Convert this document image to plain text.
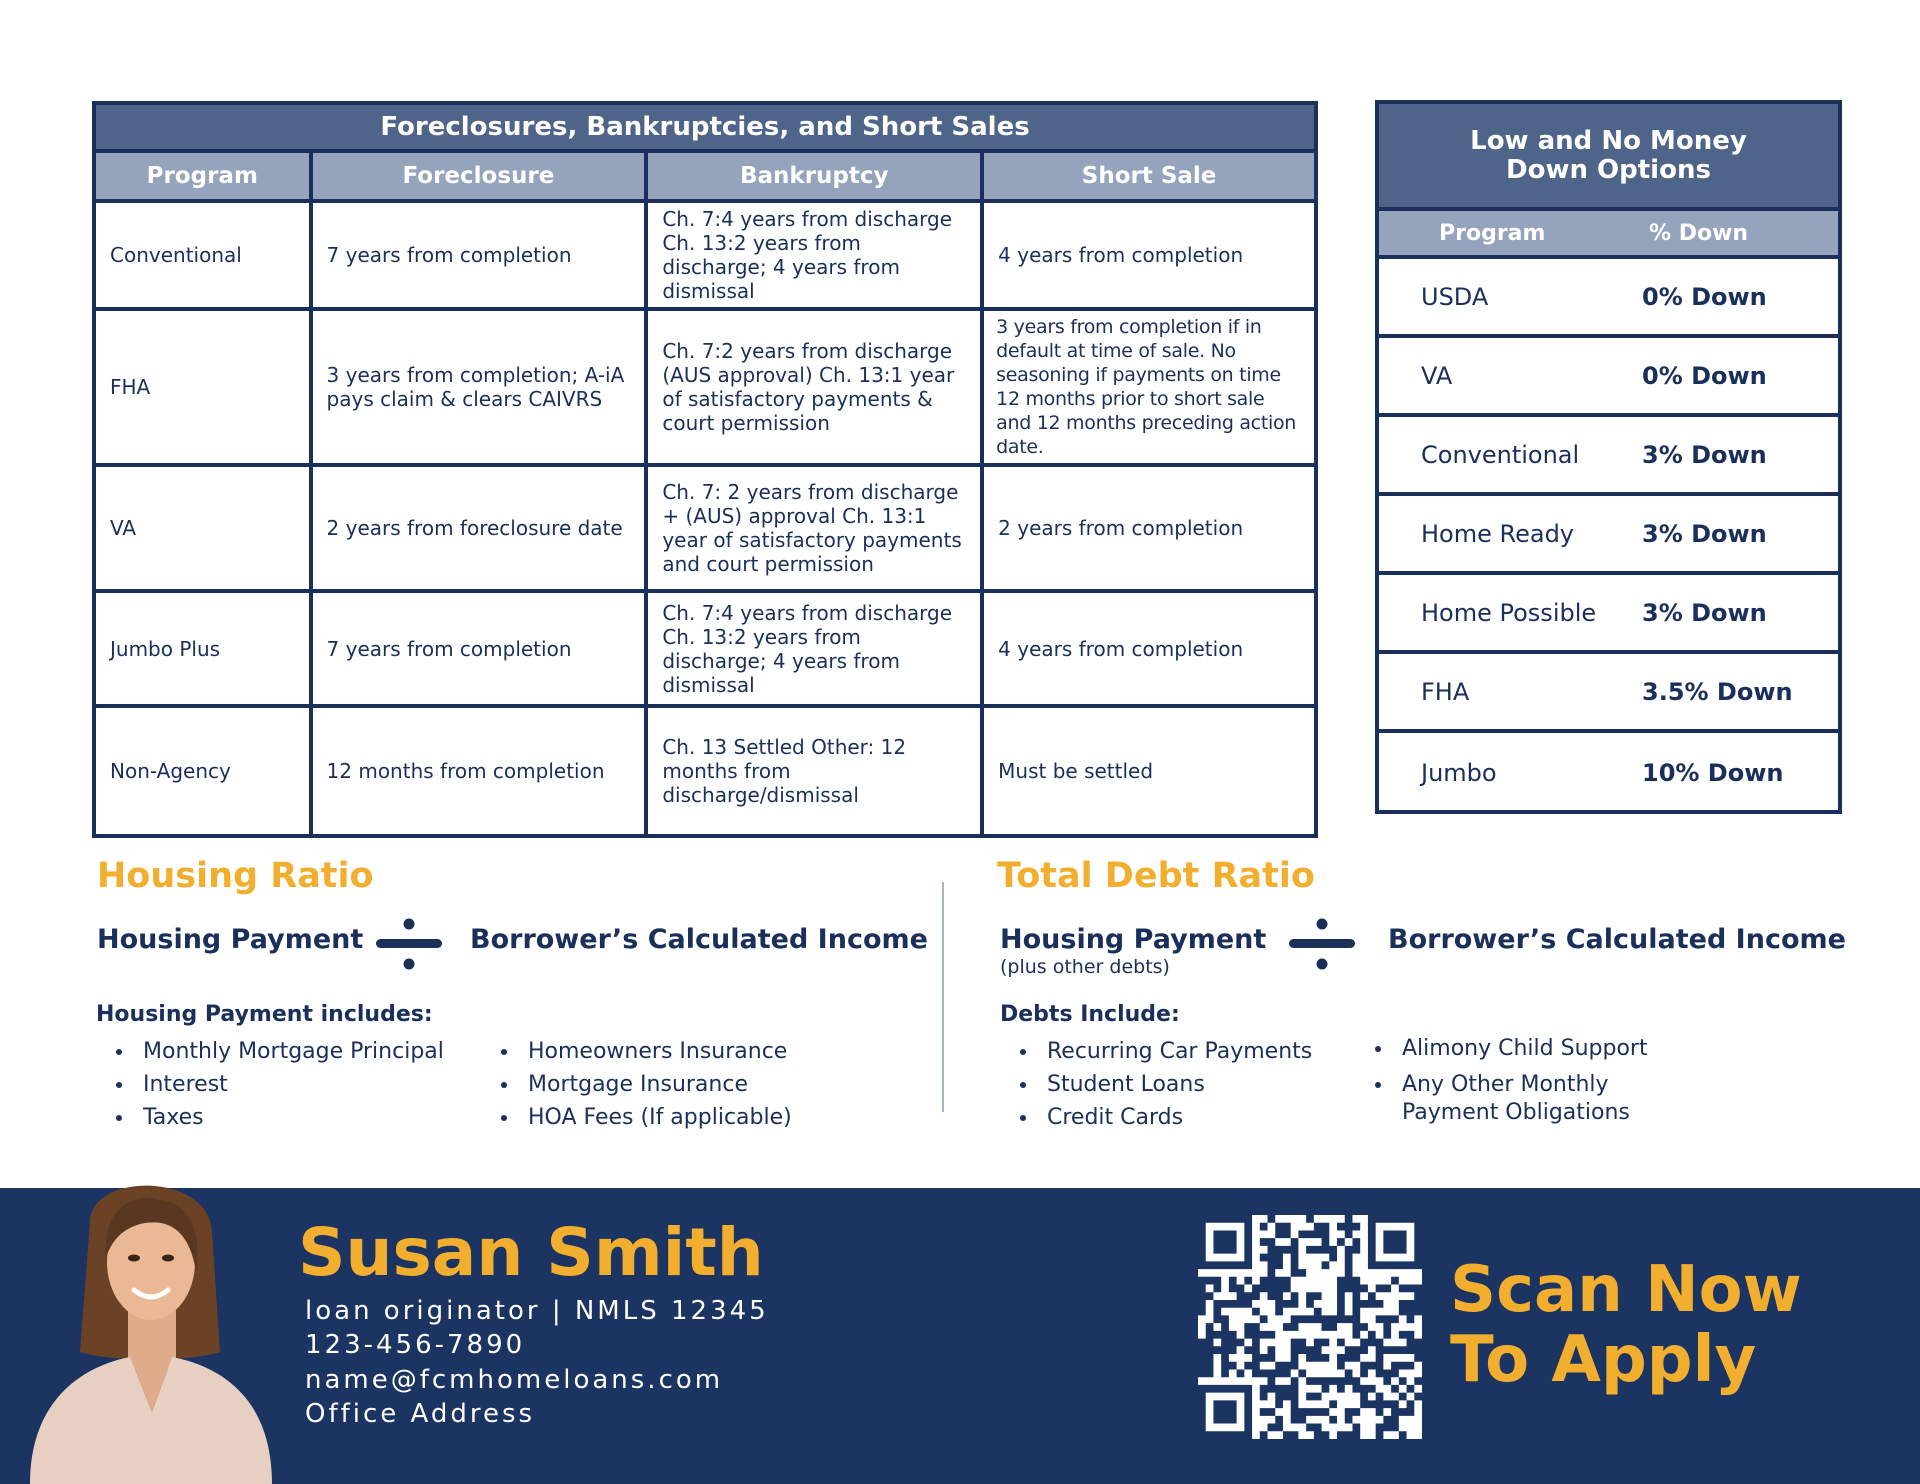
Foreclosures, Bankruptcies, and Short Sales			
Program	Foreclosure	Bankruptcy	Short Sale
Conventional	7 years from completion	Ch. 7:4 years from discharge Ch. 13:2 years from discharge; 4 years from dismissal	4 years from completion
FHA	3 years from completion; A-iA pays claim & clears CAIVRS	Ch. 7:2 years from discharge (AUS approval) Ch. 13:1 year of satisfactory payments & court permission	3 years from completion if in default at time of sale. No seasoning if payments on time 12 months prior to short sale and 12 months preceding action date.
VA	2 years from foreclosure date	Ch. 7: 2 years from discharge + (AUS) approval Ch. 13:1 year of satisfactory payments and court permission	2 years from completion
Jumbo Plus	7 years from completion	Ch. 7:4 years from discharge Ch. 13:2 years from discharge; 4 years from dismissal	4 years from completion
Non-Agency	12 months from completion	Ch. 13 Settled Other: 12 months from discharge/dismissal	Must be settled
Low and No Money
Down Options
Program	% Down
USDA	0% Down
VA	0% Down
Conventional	3% Down
Home Ready	3% Down
Home Possible	3% Down
FHA	3.5% Down
Jumbo	10% Down
Housing Ratio
Housing Payment	Borrower’s Calculated Income
Housing Payment includes:
• Monthly Mortgage Principal
• Interest
• Taxes
• Homeowners Insurance
• Mortgage Insurance
• HOA Fees (If applicable)
Total Debt Ratio
Housing Payment
(plus other debts)
Borrower’s Calculated Income
Debts Include:
• Recurring Car Payments
• Student Loans
• Credit Cards
• Alimony Child Support
• Any Other Monthly Payment Obligations
Susan Smith
loan originator | NMLS 12345
123-456-7890
name@fcmhomeloans.com
Office Address
Scan Now
To Apply
